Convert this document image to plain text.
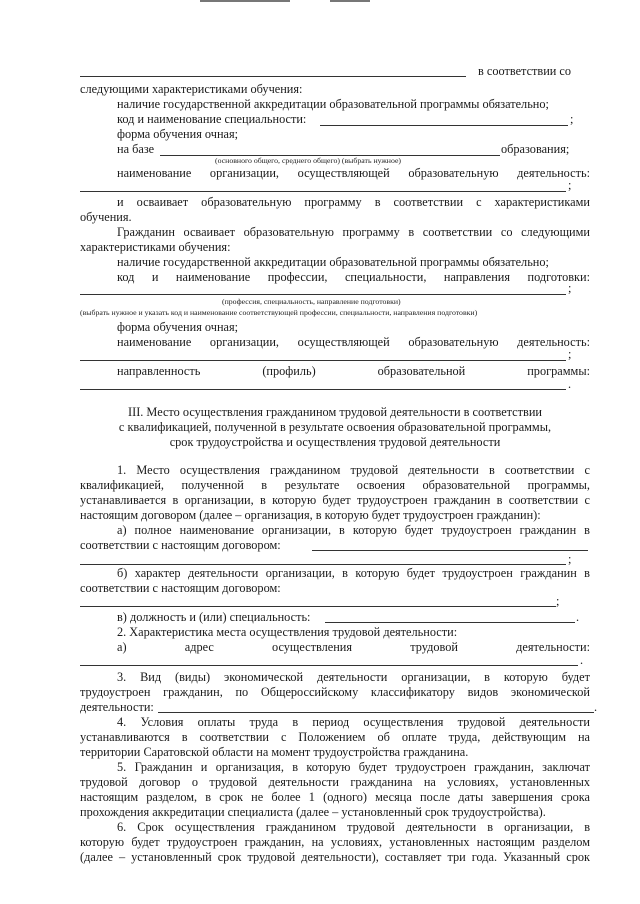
в соответствии со
следующими характеристиками обучения:
наличие государственной аккредитации образовательной программы обязательно;
код и наименование специальности:	;
форма обучения очная;
на базе	образования;
(основного общего, среднего общего) (выбрать нужное)
наименование организации, осуществляющей образовательную деятельность:
;
и осваивает образовательную программу в соответствии с характеристиками
обучения.
Гражданин осваивает образовательную программу в соответствии со следующими
характеристиками обучения:
наличие государственной аккредитации образовательной программы обязательно;
код и наименование профессии, специальности, направления подготовки:
;
(профессия, специальность, направление подготовки)
(выбрать нужное и указать код и наименование соответствующей профессии, специальности, направления подготовки)
форма обучения очная;
наименование организации, осуществляющей образовательную деятельность:
;
направленность (профиль) образовательной программы:
.
III. Место осуществления гражданином трудовой деятельности в соответствии
с квалификацией, полученной в результате освоения образовательной программы,
срок трудоустройства и осуществления трудовой деятельности
1. Место осуществления гражданином трудовой деятельности в соответствии с
квалификацией, полученной в результате освоения образовательной программы,
устанавливается в организации, в которую будет трудоустроен гражданин в соответствии с
настоящим договором (далее – организация, в которую будет трудоустроен гражданин):
а) полное наименование организации, в которую будет трудоустроен гражданин в
соответствии с настоящим договором:
;
б) характер деятельности организации, в которую будет трудоустроен гражданин в
соответствии с настоящим договором:
;
в) должность и (или) специальность:	.
2. Характеристика места осуществления трудовой деятельности:
а) адрес осуществления трудовой деятельности:
.
3. Вид (виды) экономической деятельности организации, в которую будет
трудоустроен гражданин, по Общероссийскому классификатору видов экономической
деятельности:	.
4. Условия оплаты труда в период осуществления трудовой деятельности
устанавливаются в соответствии с Положением об оплате труда, действующим на
территории Саратовской области на момент трудоустройства гражданина.
5. Гражданин и организация, в которую будет трудоустроен гражданин, заключат
трудовой договор о трудовой деятельности гражданина на условиях, установленных
настоящим разделом, в срок не более 1 (одного) месяца после даты завершения срока
прохождения аккредитации специалиста (далее – установленный срок трудоустройства).
6. Срок осуществления гражданином трудовой деятельности в организации, в
которую будет трудоустроен гражданин, на условиях, установленных настоящим разделом
(далее – установленный срок трудовой деятельности), составляет три года. Указанный срок
